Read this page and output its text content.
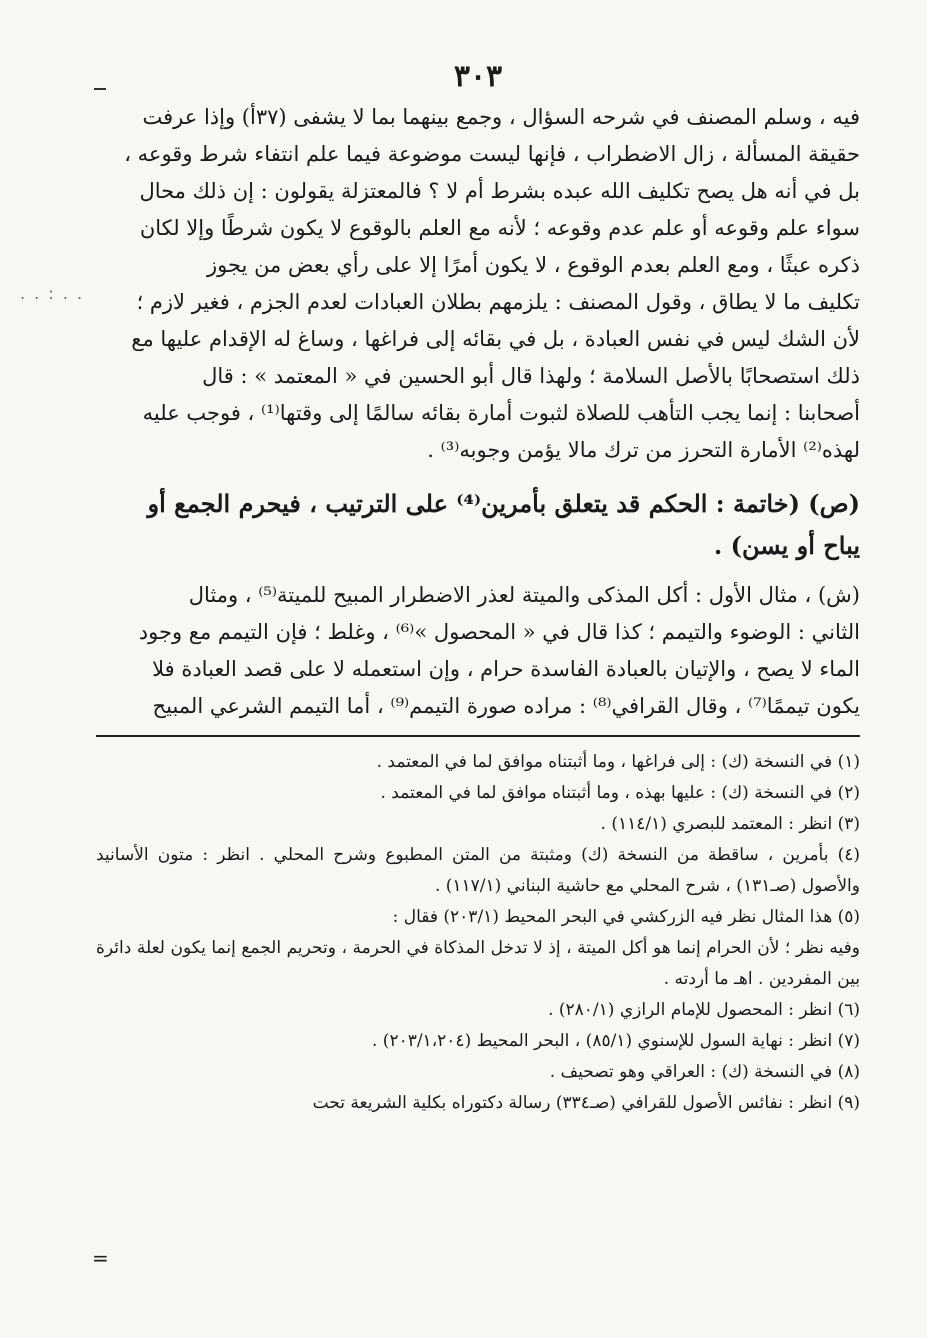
. . : . .
٣٠٣

فيه ، وسلم المصنف في شرحه السؤال ، وجمع بينهما بما لا يشفى (٣٧أ) وإذا عرفت

حقيقة المسألة ، زال الاضطراب ، فإنها ليست موضوعة فيما علم انتفاء شرط وقوعه ،

بل في أنه هل يصح تكليف الله عبده بشرط أم لا ؟ فالمعتزلة يقولون : إن ذلك محال

سواء علم وقوعه أو علم عدم وقوعه ؛ لأنه مع العلم بالوقوع لا يكون شرطًا وإلا لكان

ذكره عبثًا ، ومع العلم بعدم الوقوع ، لا يكون أمرًا إلا على رأي بعض من يجوز

تكليف ما لا يطاق ، وقول المصنف : يلزمهم بطلان العبادات لعدم الجزم ، فغير لازم ؛

لأن الشك ليس في نفس العبادة ، بل في بقائه إلى فراغها ، وساغ له الإقدام عليها مع

ذلك استصحابًا بالأصل السلامة ؛ ولهذا قال أبو الحسين في « المعتمد » : قال

أصحابنا : إنما يجب التأهب للصلاة لثبوت أمارة بقائه سالمًا إلى وقتها⁽¹⁾ ، فوجب عليه

لهذه⁽²⁾ الأمارة التحرز من ترك مالا يؤمن وجوبه⁽³⁾ .

(ص) (خاتمة : الحكم قد يتعلق بأمرين⁽⁴⁾ على الترتيب ، فيحرم الجمع أو

يباح أو يسن) .

(ش) ، مثال الأول : أكل المذكى والميتة لعذر الاضطرار المبيح للميتة⁽⁵⁾ ، ومثال

الثاني : الوضوء والتيمم ؛ كذا قال في « المحصول »⁽⁶⁾ ، وغلط ؛ فإن التيمم مع وجود

الماء لا يصح ، والإتيان بالعبادة الفاسدة حرام ، وإن استعمله لا على قصد العبادة فلا

يكون تيممًا⁽⁷⁾ ، وقال القرافي⁽⁸⁾ : مراده صورة التيمم⁽⁹⁾ ، أما التيمم الشرعي المبيح

(١) في النسخة (ك) : إلى فراغها ، وما أثبتناه موافق لما في المعتمد .
(٢) في النسخة (ك) : عليها بهذه ، وما أثبتناه موافق لما في المعتمد .
(٣) انظر : المعتمد للبصري (١١٤/١) .
(٤) بأمرين ، ساقطة من النسخة (ك) ومثبتة من المتن المطبوع وشرح المحلي . انظر : متون الأسانيد والأصول (صـ١٣١) ، شرح المحلي مع حاشية البناني (١١٧/١) .
(٥) هذا المثال نظر فيه الزركشي في البحر المحيط (٢٠٣/١) فقال :
وفيه نظر ؛ لأن الحرام إنما هو أكل الميتة ، إذ لا تدخل المذكاة في الحرمة ، وتحريم الجمع إنما يكون لعلة دائرة بين المفردين . اهـ ما أردته .
(٦) انظر : المحصول للإمام الرازي (٢٨٠/١) .
(٧) انظر : نهاية السول للإسنوي (٨٥/١) ، البحر المحيط (٢٠٣/١،٢٠٤) .
(٨) في النسخة (ك) : العراقي وهو تصحيف .
(٩) انظر : نفائس الأصول للقرافي (صـ٣٣٤) رسالة دكتوراه بكلية الشريعة تحت
=
